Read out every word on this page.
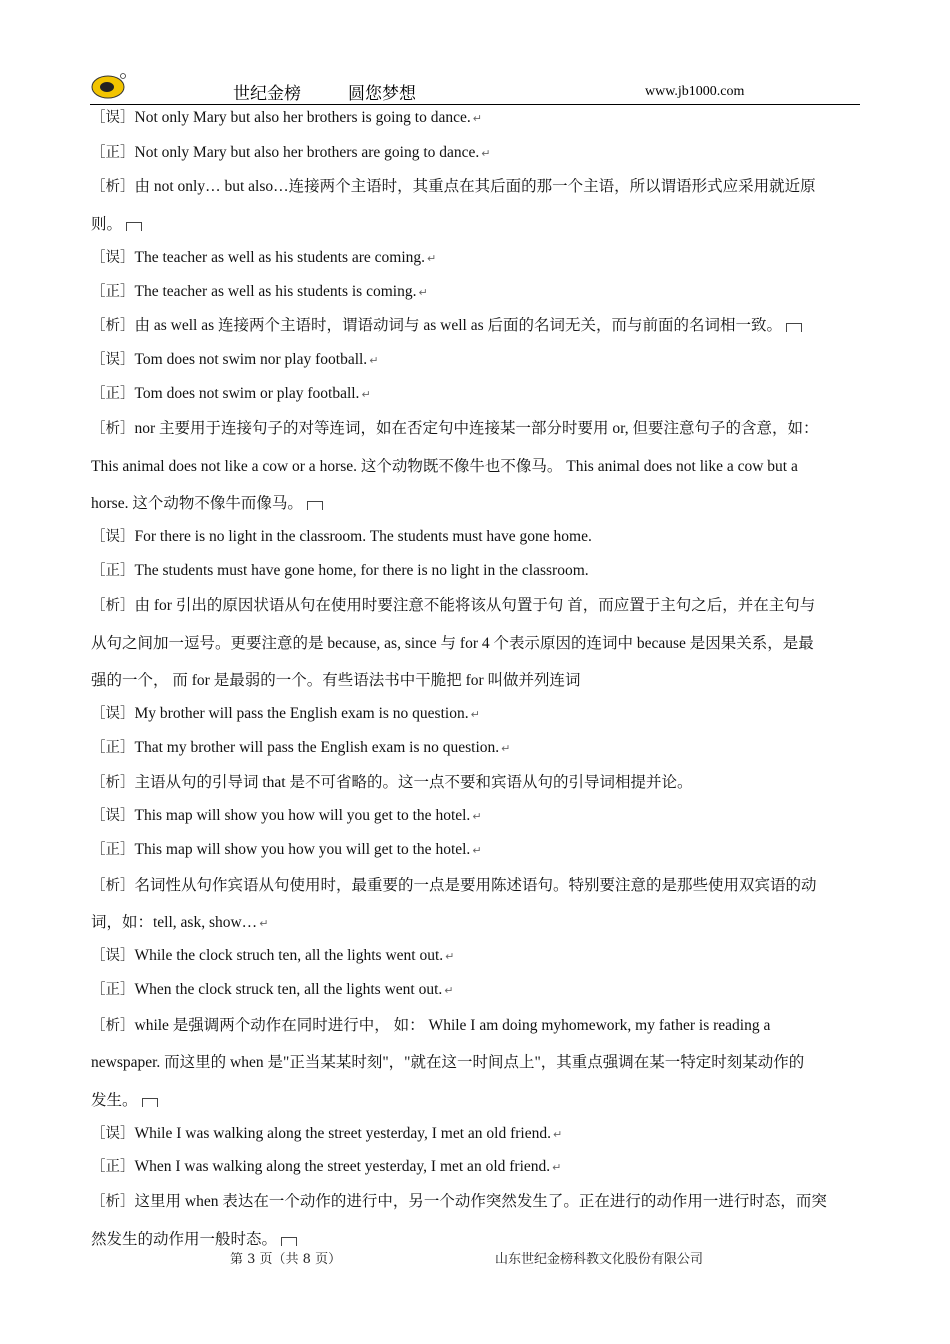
世纪金榜	圆您梦想	www.jb1000.com
［误］Not only Mary but also her brothers is going to dance. ↵
［正］Not only Mary but also her brothers are going to dance. ↵
［析］由 not only… but also…连接两个主语时，其重点在其后面的那一个主语，所以谓语形式应采用就近原
则。
［误］The teacher as well as his students are coming. ↵
［正］The teacher as well as his students is coming. ↵
［析］由 as well as 连接两个主语时，谓语动词与 as well as 后面的名词无关，而与前面的名词相一致。
［误］Tom does not swim nor play football. ↵
［正］Tom does not swim or play football. ↵
［析］nor 主要用于连接句子的对等连词，如在否定句中连接某一部分时要用 or, 但要注意句子的含意，如：
This animal does not like a cow or a horse. 这个动物既不像牛也不像马。 This animal does not like a cow but a
horse. 这个动物不像牛而像马。
［误］For there is no light in the classroom. The students must have gone home.
［正］The students must have gone home, for there is no light in the classroom.
［析］由 for 引出的原因状语从句在使用时要注意不能将该从句置于句 首，而应置于主句之后，并在主句与
从句之间加一逗号。更要注意的是 because, as, since 与 for 4 个表示原因的连词中 because 是因果关系，是最
强的一个， 而 for 是最弱的一个。有些语法书中干脆把 for 叫做并列连词
［误］My brother will pass the English exam is no question. ↵
［正］That my brother will pass the English exam is no question. ↵
［析］主语从句的引导词 that 是不可省略的。这一点不要和宾语从句的引导词相提并论。
［误］This map will show you how will you get to the hotel. ↵
［正］This map will show you how you will get to the hotel. ↵
［析］名词性从句作宾语从句使用时，最重要的一点是要用陈述语句。特别要注意的是那些使用双宾语的动
词，如：tell, ask, show… ↵
［误］While the clock struch ten, all the lights went out. ↵
［正］When the clock struck ten, all the lights went out. ↵
［析］while 是强调两个动作在同时进行中， 如： While I am doing myhomework, my father is reading a
newspaper. 而这里的 when 是"正当某某时刻"，"就在这一时间点上"，其重点强调在某一特定时刻某动作的
发生。
［误］While I was walking along the street yesterday, I met an old friend. ↵
［正］When I was walking along the street yesterday, I met an old friend. ↵
［析］这里用 when 表达在一个动作的进行中，另一个动作突然发生了。正在进行的动作用一进行时态，而突
然发生的动作用一般时态。
第 3 页（共 8 页）	山东世纪金榜科教文化股份有限公司
